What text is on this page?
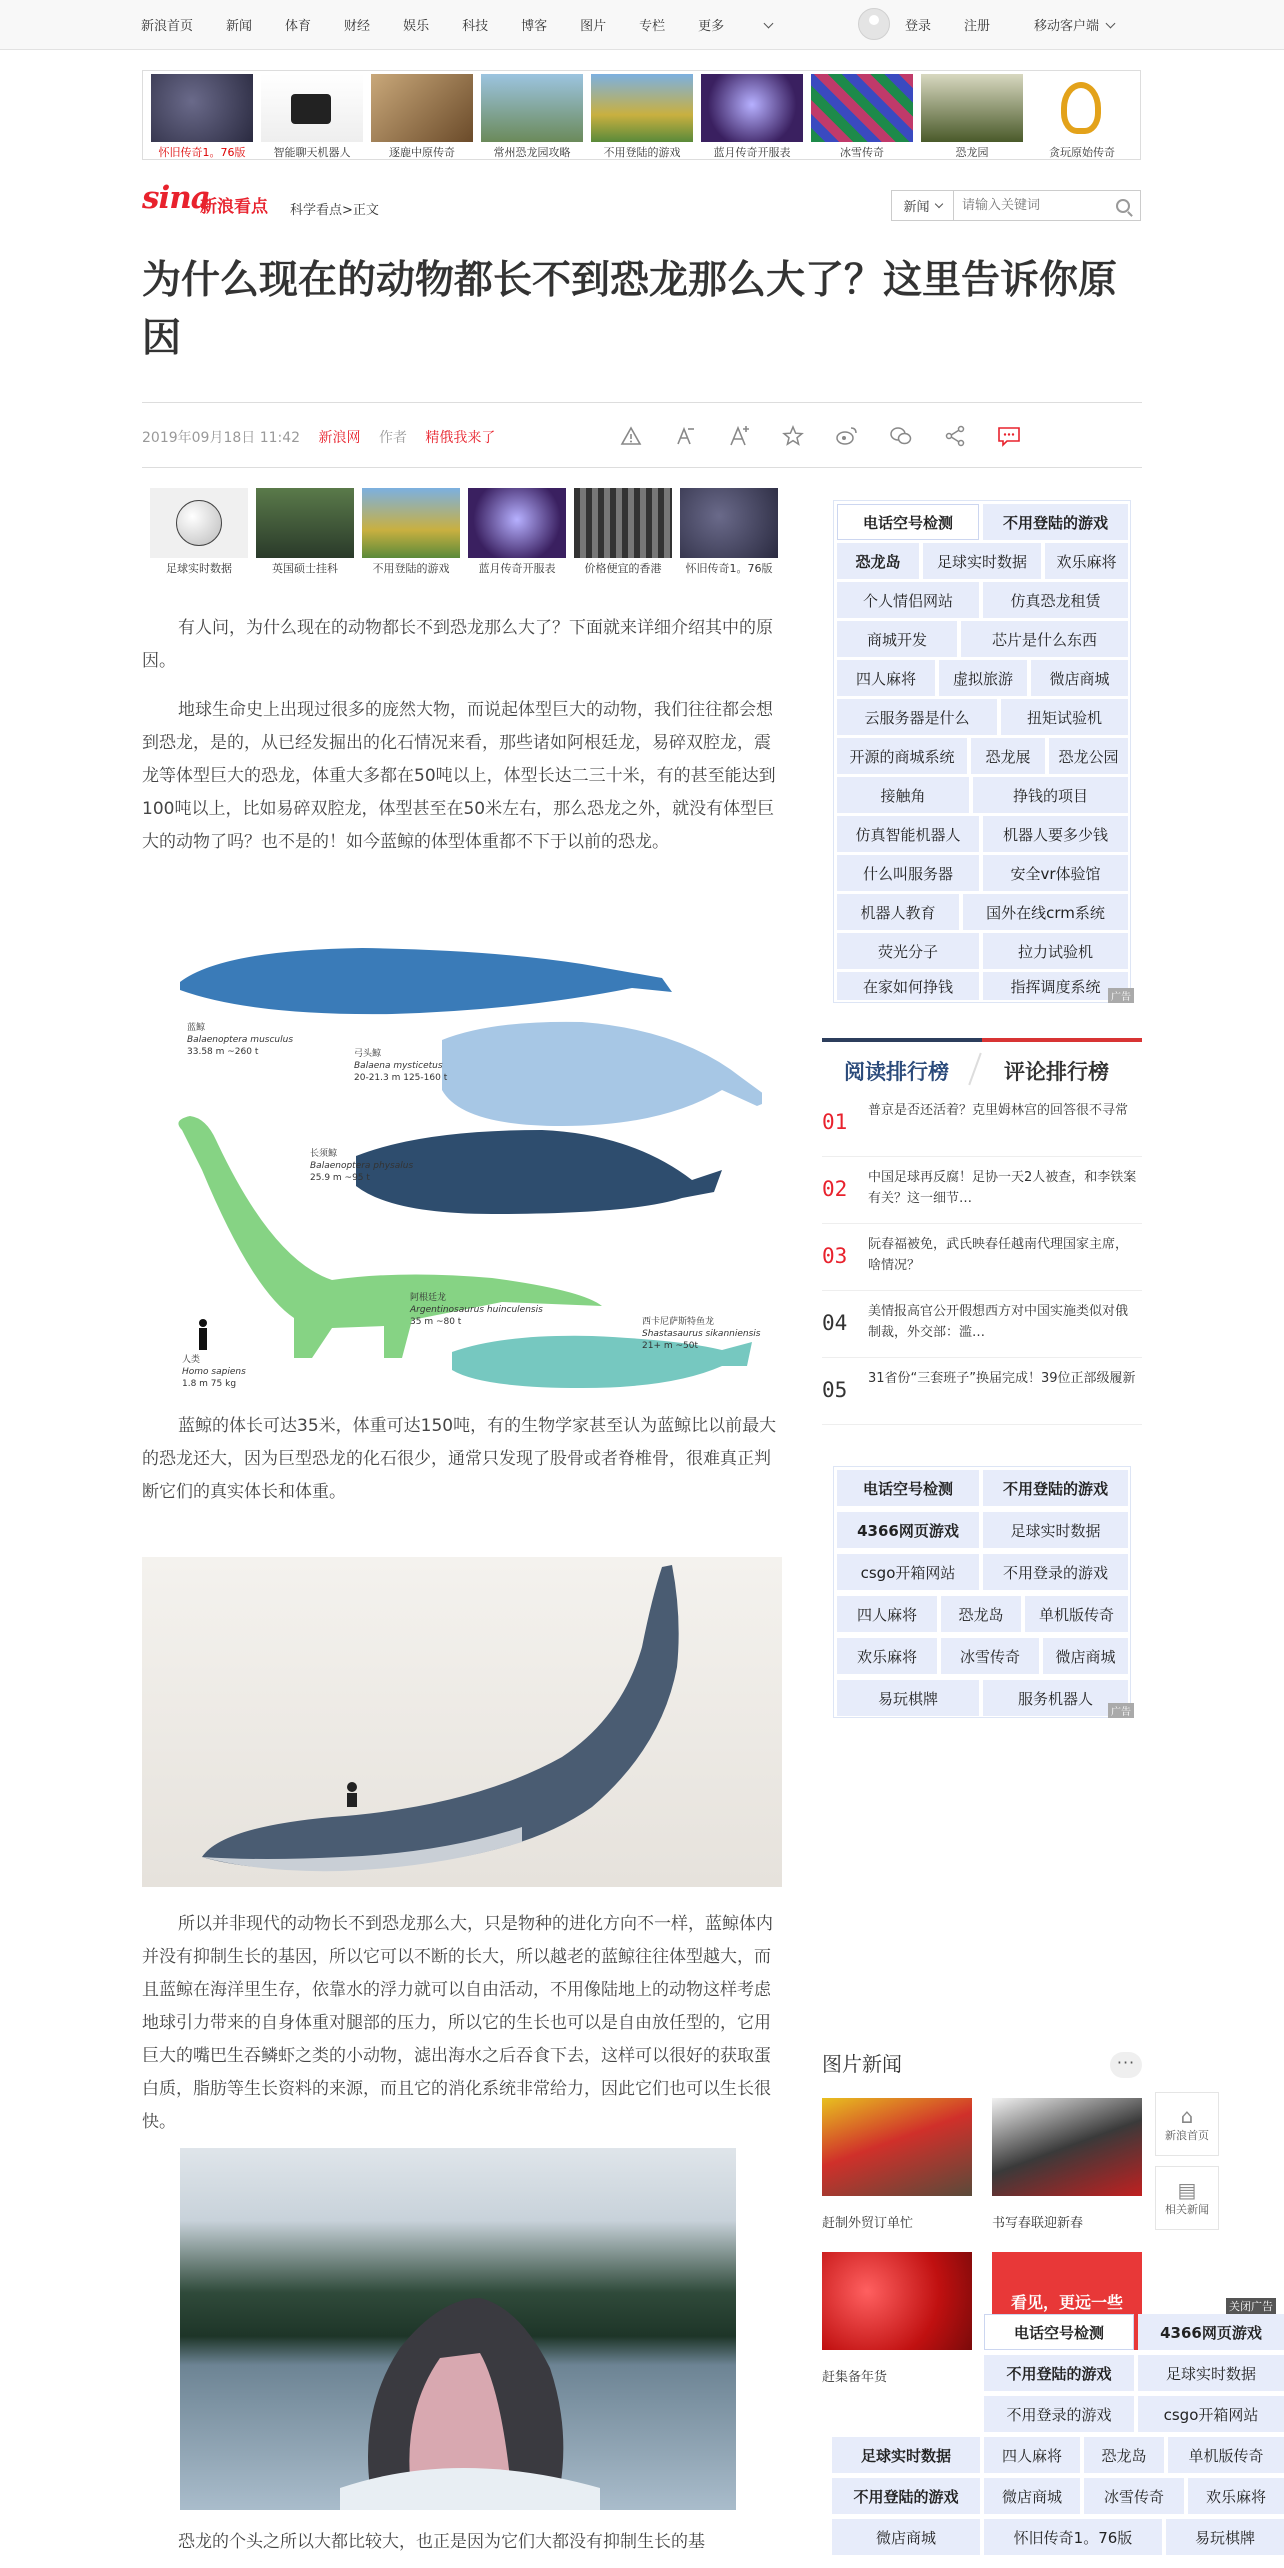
新浪首页	新闻	体育	财经	娱乐	科技	博客	图片	专栏	更多	登录	注册	移动客户端
怀旧传奇1。76版	智能聊天机器人	逐鹿中原传奇	常州恐龙园攻略	不用登陆的游戏	蓝月传奇开服表	冰雪传奇	恐龙园	贪玩原始传奇
sina
新浪看点 科学看点>正文	新闻
请输入关键词
为什么现在的动物都长不到恐龙那么大了？这里告诉你原因
2019年09月18日 11:42 新浪网 作者 精俄我来了
足球实时数据	英国硕士挂科	不用登陆的游戏	蓝月传奇开服表	价格便宜的香港	怀旧传奇1。76版

有人问，为什么现在的动物都长不到恐龙那么大了？下面就来详细介绍其中的原因。

地球生命史上出现过很多的庞然大物，而说起体型巨大的动物，我们往往都会想到恐龙，是的，从已经发掘出的化石情况来看，那些诸如阿根廷龙，易碎双腔龙，震龙等体型巨大的恐龙，体重大多都在50吨以上，体型长达二三十米，有的甚至能达到100吨以上，比如易碎双腔龙，体型甚至在50米左右，那么恐龙之外，就没有体型巨大的动物了吗？也不是的！如今蓝鲸的体型体重都不下于以前的恐龙。

蓝鲸
Balaenoptera musculus
33.58 m ~260 t	弓头鲸
Balaena mysticetus
20-21.3 m 125-160 t
长须鲸
Balaenoptera physalus
25.9 m ~95 t
阿根廷龙
Argentinosaurus huinculensis
35 m ~80 t	西卡尼萨斯特鱼龙
Shastasaurus sikanniensis
21+ m ~50t
人类
Homo sapiens
1.8 m 75 kg

蓝鲸的体长可达35米，体重可达150吨，有的生物学家甚至认为蓝鲸比以前最大的恐龙还大，因为巨型恐龙的化石很少，通常只发现了股骨或者脊椎骨，很难真正判断它们的真实体长和体重。

所以并非现代的动物长不到恐龙那么大，只是物种的进化方向不一样，蓝鲸体内并没有抑制生长的基因，所以它可以不断的长大，所以越老的蓝鲸往往体型越大，而且蓝鲸在海洋里生存，依靠水的浮力就可以自由活动，不用像陆地上的动物这样考虑地球引力带来的自身体重对腿部的压力，所以它的生长也可以是自由放任型的，它用巨大的嘴巴生吞鳞虾之类的小动物，滤出海水之后吞食下去，这样可以很好的获取蛋白质，脂肪等生长资料的来源，而且它的消化系统非常给力，因此它们也可以生长很快。

恐龙的个头之所以大都比较大，也正是因为它们大都没有抑制生长的基

电话空号检测	不用登陆的游戏
恐龙岛	足球实时数据	欢乐麻将
个人情侣网站	仿真恐龙租赁
商城开发	芯片是什么东西
四人麻将	虚拟旅游	微店商城
云服务器是什么	扭矩试验机
开源的商城系统	恐龙展	恐龙公园
接触角	挣钱的项目
仿真智能机器人	机器人要多少钱
什么叫服务器	安全vr体验馆
机器人教育	国外在线crm系统
荧光分子	拉力试验机
在家如何挣钱	指挥调度系统
广告
阅读排行榜	评论排行榜
01 普京是否还活着？克里姆林宫的回答很不寻常
02 中国足球再反腐！足协一天2人被查，和李铁案有关？这一细节…
03 阮春福被免，武氏映春任越南代理国家主席，啥情况？
04 美情报高官公开假想西方对中国实施类似对俄制裁，外交部：滥…
05 31省份“三套班子”换届完成！39位正部级履新
电话空号检测	不用登陆的游戏
4366网页游戏	足球实时数据
csgo开箱网站	不用登录的游戏
四人麻将	恐龙岛	单机版传奇
欢乐麻将	冰雪传奇	微店商城
易玩棋牌	服务机器人
广告
图片新闻	···
赶制外贸订单忙	书写春联迎新春
赶集备年货
看见，更远一些
⌂
新浪首页
▤
相关新闻
关闭广告
电话空号检测	4366网页游戏
不用登陆的游戏	足球实时数据
不用登录的游戏	csgo开箱网站
足球实时数据	四人麻将	恐龙岛	单机版传奇
不用登陆的游戏	微店商城	冰雪传奇	欢乐麻将
微店商城	怀旧传奇1。76版	易玩棋牌
